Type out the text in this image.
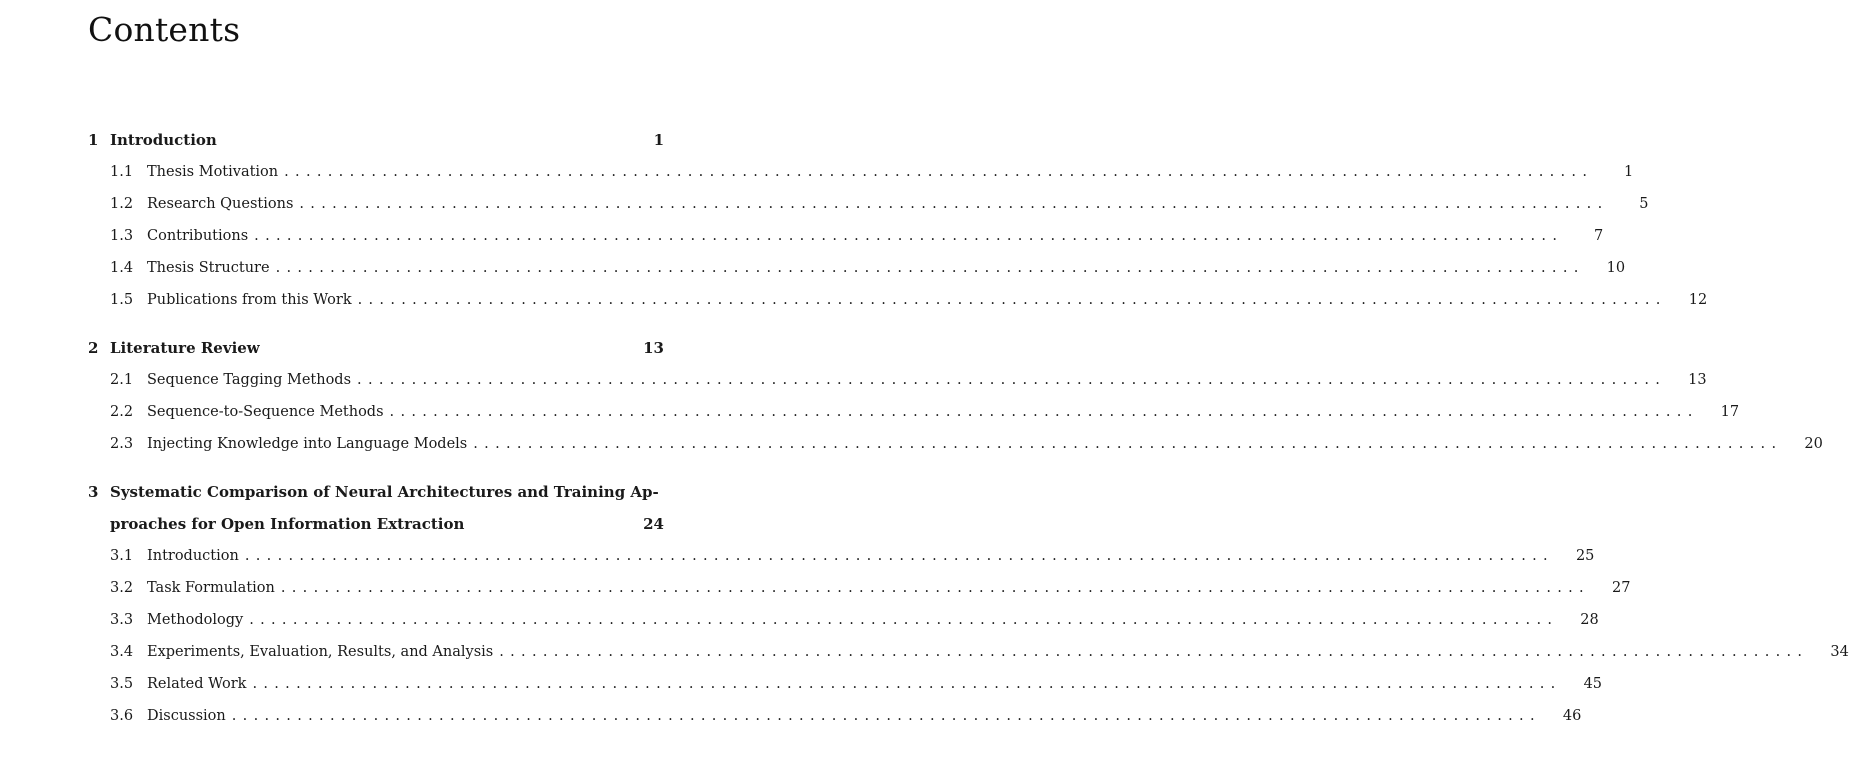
Contents
1 Introduction	1
1.1 Thesis Motivation ........................................................................................................................	1
1.2 Research Questions ........................................................................................................................	5
1.3 Contributions ........................................................................................................................	7
1.4 Thesis Structure ........................................................................................................................ 10
1.5 Publications from this Work ........................................................................................................................ 12
2 Literature Review	13
2.1 Sequence Tagging Methods ........................................................................................................................ 13
2.2 Sequence-to-Sequence Methods ........................................................................................................................ 17
2.3 Injecting Knowledge into Language Models ........................................................................................................................ 20
3 Systematic Comparison of Neural Architectures and Training Ap-
proaches for Open Information Extraction	24
3.1 Introduction ........................................................................................................................ 25
3.2 Task Formulation ........................................................................................................................ 27
3.3 Methodology ........................................................................................................................ 28
3.4 Experiments, Evaluation, Results, and Analysis ........................................................................................................................ 34
3.5 Related Work ........................................................................................................................ 45
3.6 Discussion ........................................................................................................................ 46
